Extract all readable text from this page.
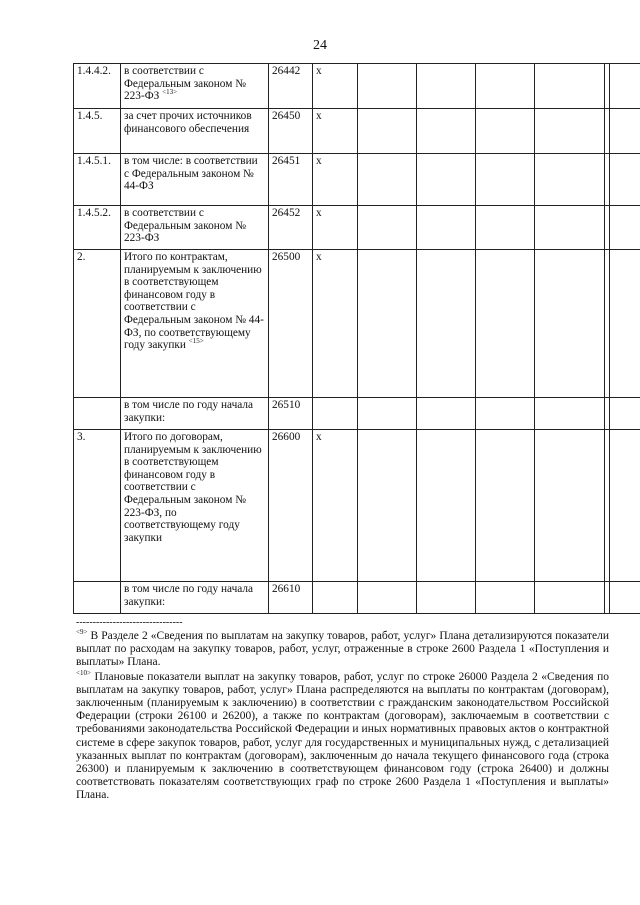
24
1.4.4.2.	в соответствии с Федеральным законом № 223-ФЗ $^{<13>}$	26442	x						
1.4.5.	за счет прочих источников финансового обеспечения	26450	x						
1.4.5.1.	в том числе: в соответствии с Федеральным законом № 44-ФЗ	26451	x						
1.4.5.2.	в соответствии с Федеральным законом № 223-ФЗ	26452	x						
2.	Итого по контрактам, планируемым к заключению в соответствующем финансовом году в соответствии с Федеральным законом № 44-ФЗ, по соответствующему году закупки $^{<15>}$	26500	x						
	в том числе по году начала закупки:	26510							
3.	Итого по договорам, планируемым к заключению в соответствующем финансовом году в соответствии с Федеральным законом № 223-ФЗ, по соответствующему году закупки	26600	x						
	в том числе по году начала закупки:	26610							
--------------------------------

$^{<9>}$ В Разделе 2 «Сведения по выплатам на закупку товаров, работ, услуг» Плана детализируются показатели выплат по расходам на закупку товаров, работ, услуг, отраженные в строке 2600 Раздела 1 «Поступления и выплаты» Плана.

$^{<10>}$ Плановые показатели выплат на закупку товаров, работ, услуг по строке 26000 Раздела 2 «Сведения по выплатам на закупку товаров, работ, услуг» Плана распределяются на выплаты по контрактам (договорам), заключенным (планируемым к заключению) в соответствии с гражданским законодательством Российской Федерации (строки 26100 и 26200), а также по контрактам (договорам), заключаемым в соответствии с требованиями законодательства Российской Федерации и иных нормативных правовых актов о контрактной системе в сфере закупок товаров, работ, услуг для государственных и муниципальных нужд, с детализацией указанных выплат по контрактам (договорам), заключенным до начала текущего финансового года (строка 26300) и планируемым к заключению в соответствующем финансовом году (строка 26400) и должны соответствовать показателям соответствующих граф по строке 2600 Раздела 1 «Поступления и выплаты» Плана.
